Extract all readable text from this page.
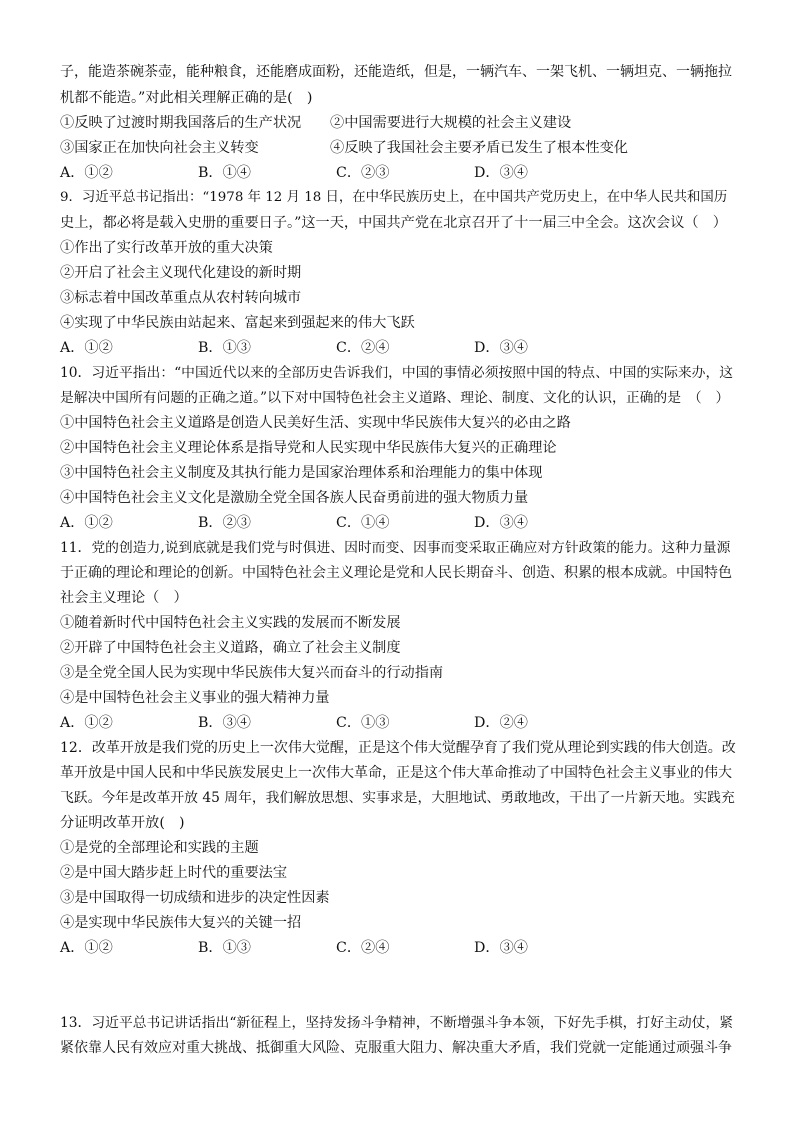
子，能造茶碗茶壶，能种粮食，还能磨成面粉，还能造纸，但是，一辆汽车、一架飞机、一辆坦克、一辆拖拉
机都不能造。”对此相关理解正确的是(　)
①反映了过渡时期我国落后的生产状况 ②中国需要进行大规模的社会主义建设
③国家正在加快向社会主义转变	④反映了我国社会主要矛盾已发生了根本性变化
A．①②	B．①④	C．②③	D．③④
9．习近平总书记指出：“1978 年 12 月 18 日，在中华民族历史上，在中国共产党历史上，在中华人民共和国历
史上，都必将是载入史册的重要日子。”这一天，中国共产党在北京召开了十一届三中全会。这次会议（　）
①作出了实行改革开放的重大决策
②开启了社会主义现代化建设的新时期
③标志着中国改革重点从农村转向城市
④实现了中华民族由站起来、富起来到强起来的伟大飞跃
A．①②	B．①③	C．②④	D．③④
10．习近平指出：“中国近代以来的全部历史告诉我们，中国的事情必须按照中国的特点、中国的实际来办，这
是解决中国所有问题的正确之道。”以下对中国特色社会主义道路、理论、制度、文化的认识，正确的是　（　）
①中国特色社会主义道路是创造人民美好生活、实现中华民族伟大复兴的必由之路
②中国特色社会主义理论体系是指导党和人民实现中华民族伟大复兴的正确理论
③中国特色社会主义制度及其执行能力是国家治理体系和治理能力的集中体现
④中国特色社会主义文化是激励全党全国各族人民奋勇前进的强大物质力量
A．①②	B．②③	C．①④	D．③④
11．党的创造力,说到底就是我们党与时俱进、因时而变、因事而变采取正确应对方针政策的能力。这种力量源
于正确的理论和理论的创新。中国特色社会主义理论是党和人民长期奋斗、创造、积累的根本成就。中国特色
社会主义理论（　）
①随着新时代中国特色社会主义实践的发展而不断发展
②开辟了中国特色社会主义道路，确立了社会主义制度
③是全党全国人民为实现中华民族伟大复兴而奋斗的行动指南
④是中国特色社会主义事业的强大精神力量
A．①②	B．③④	C．①③	D．②④
12．改革开放是我们党的历史上一次伟大觉醒，正是这个伟大觉醒孕育了我们党从理论到实践的伟大创造。改
革开放是中国人民和中华民族发展史上一次伟大革命，正是这个伟大革命推动了中国特色社会主义事业的伟大
飞跃。今年是改革开放 45 周年，我们解放思想、实事求是，大胆地试、勇敢地改，干出了一片新天地。实践充
分证明改革开放(　)
①是党的全部理论和实践的主题
②是中国大踏步赶上时代的重要法宝
③是中国取得一切成绩和进步的决定性因素
④是实现中华民族伟大复兴的关键一招
A．①②	B．①③	C．②④	D．③④
13．习近平总书记讲话指出“新征程上，坚持发扬斗争精神，不断增强斗争本领，下好先手棋，打好主动仗，紧
紧依靠人民有效应对重大挑战、抵御重大风险、克服重大阻力、解决重大矛盾，我们党就一定能通过顽强斗争
